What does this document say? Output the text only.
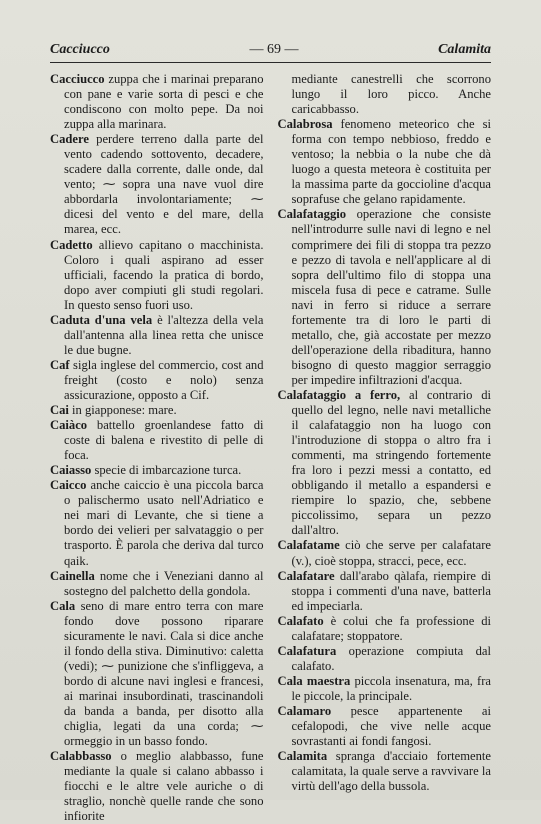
Cacciucco	— 69 —	Calamita
Cacciucco zuppa che i marinai preparano con pane e varie sorta di pesci e che condiscono con molto pepe. Da noi zuppa alla marinara.
Cadere perdere terreno dalla parte del vento cadendo sottovento, decadere, scadere dalla corrente, dalle onde, dal vento; ⁓ sopra una nave vuol dire abbordarla involontariamente; ⁓ dicesi del vento e del mare, della marea, ecc.
Cadetto allievo capitano o macchinista. Coloro i quali aspirano ad esser ufficiali, facendo la pratica di bordo, dopo aver compiuti gli studi regolari. In questo senso fuori uso.
Caduta d'una vela è l'altezza della vela dall'antenna alla linea retta che unisce le due bugne.
Caf sigla inglese del commercio, cost and freight (costo e nolo) senza assicurazione, opposto a Cif.
Cai in giapponese: mare.
Caiàco battello groenlandese fatto di coste di balena e rivestito di pelle di foca.
Caiasso specie di imbarcazione turca.
Caicco anche caiccio è una piccola barca o palischermo usato nell'Adriatico e nei mari di Levante, che si tiene a bordo dei velieri per salvataggio o per trasporto. È parola che deriva dal turco qaik.
Cainella nome che i Veneziani danno al sostegno del palchetto della gondola.
Cala seno di mare entro terra con mare fondo dove possono riparare sicuramente le navi. Cala si dice anche il fondo della stiva. Diminutivo: caletta (vedi); ⁓ punizione che s'infliggeva, a bordo di alcune navi inglesi e francesi, ai marinai insubordinati, trascinandoli da banda a banda, per disotto alla chiglia, legati da una corda; ⁓ ormeggio in un basso fondo.
Calabbasso o meglio alabbasso, fune mediante la quale si calano abbasso i fiocchi e le altre vele auriche o di straglio, nonchè quelle rande che sono infiorite
mediante canestrelli che scorrono lungo il loro picco. Anche caricabbasso.
Calabrosa fenomeno meteorico che si forma con tempo nebbioso, freddo e ventoso; la nebbia o la nube che dà luogo a questa meteora è costituita per la massima parte da goccioline d'acqua soprafuse che gelano rapidamente.
Calafataggio operazione che consiste nell'introdurre sulle navi di legno e nel comprimere dei fili di stoppa tra pezzo e pezzo di tavola e nell'applicare al di sopra dell'ultimo filo di stoppa una miscela fusa di pece e catrame. Sulle navi in ferro si riduce a serrare fortemente tra di loro le parti di metallo, che, già accostate per mezzo dell'operazione della ribaditura, hanno bisogno di questo maggior serraggio per impedire infiltrazioni d'acqua.
Calafataggio a ferro, al contrario di quello del legno, nelle navi metalliche il calafataggio non ha luogo con l'introduzione di stoppa o altro fra i commenti, ma stringendo fortemente fra loro i pezzi messi a contatto, ed obbligando il metallo a espandersi e riempire lo spazio, che, sebbene piccolissimo, separa un pezzo dall'altro.
Calafatame ciò che serve per calafatare (v.), cioè stoppa, stracci, pece, ecc.
Calafatare dall'arabo qàlafa, riempire di stoppa i commenti d'una nave, batterla ed impeciarla.
Calafato è colui che fa professione di calafatare; stoppatore.
Calafatura operazione compiuta dal calafato.
Cala maestra piccola insenatura, ma, fra le piccole, la principale.
Calamaro pesce appartenente ai cefalopodi, che vive nelle acque sovrastanti ai fondi fangosi.
Calamita spranga d'acciaio fortemente calamitata, la quale serve a ravvivare la virtù dell'ago della bussola.
